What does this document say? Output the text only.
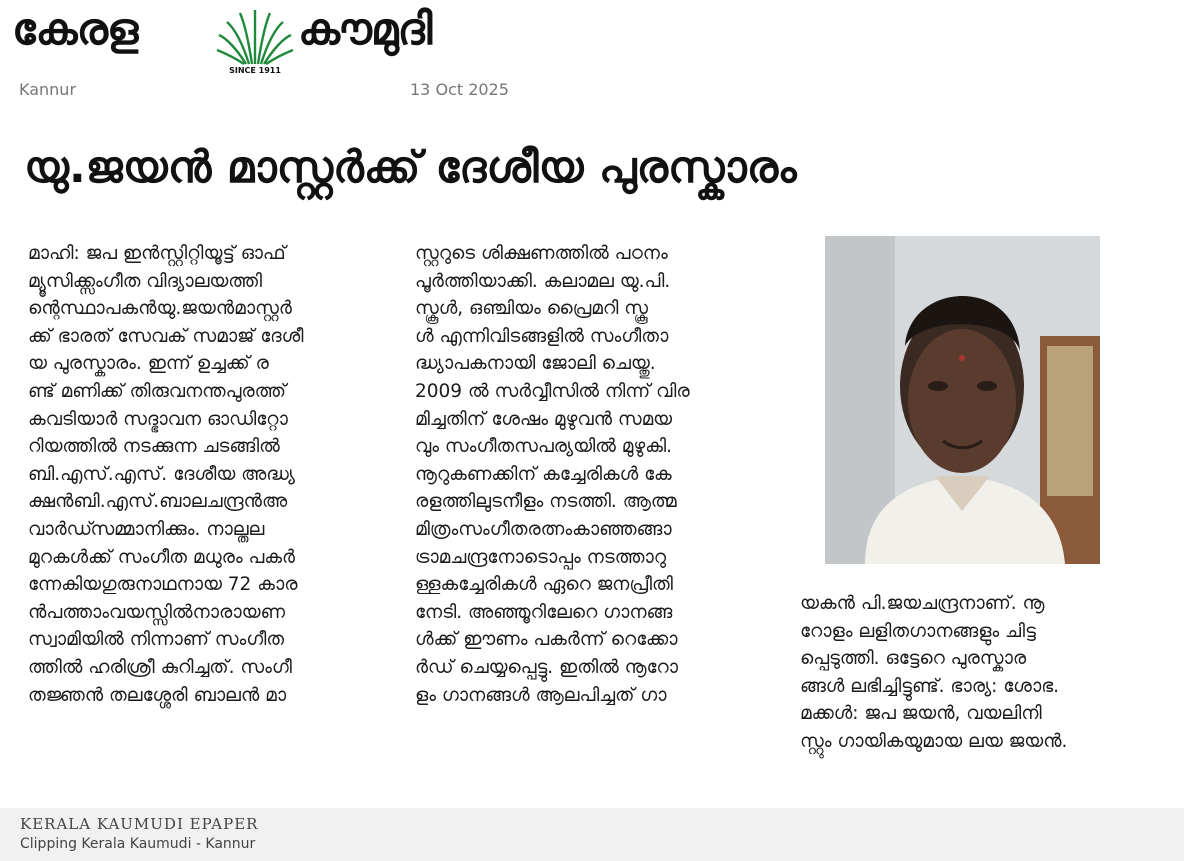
കേരള
SINCE 1911
കൗമുദി
Kannur	13 Oct 2025
യു.ജയൻ മാസ്റ്റർക്ക് ദേശീയ പുരസ്കാരം

മാഹി: ജപ ഇൻസ്റ്റിറ്റിയൂട്ട് ഓഫ്

മ്യൂസിക്ക്സംഗീത വിദ്യാലയത്തി

ന്റെസ്ഥാപകൻയു.ജയൻമാസ്റ്റർ

ക്ക് ഭാരത് സേവക് സമാജ് ദേശീ

യ പുരസ്കാരം. ഇന്ന് ഉച്ചക്ക് ര

ണ്ട് മണിക്ക് തിരുവനന്തപുരത്ത്

കവടിയാർ സദ്ഭാവന ഓഡിറ്റോ

റിയത്തിൽ നടക്കുന്ന ചടങ്ങിൽ

ബി.എസ്.എസ്. ദേശീയ അദ്ധ്യ

ക്ഷൻബി.എസ്.ബാലചന്ദ്രൻഅ

വാർഡ്സമ്മാനിക്കും. നാല്തല

മുറകൾക്ക് സംഗീത മധുരം പകർ

ന്നേകിയഗുരുനാഥനായ 72 കാര

ൻപത്താംവയസ്സിൽനാരായണ

സ്വാമിയിൽ നിന്നാണ് സംഗീത

ത്തിൽ ഹരിശ്രീ കുറിച്ചത്. സംഗീ

തജ്ഞൻ തലശ്ശേരി ബാലൻ മാ

സ്റ്ററുടെ ശിക്ഷണത്തിൽ പഠനം

പൂർത്തിയാക്കി. കലാമല യു.പി.

സ്കൂൾ, ഒഞ്ചിയം പ്രൈമറി സ്കൂ

ൾ എന്നിവിടങ്ങളിൽ സംഗീതാ

ദ്ധ്യാപകനായി ജോലി ചെയ്തു.

2009 ൽ സർവ്വീസിൽ നിന്ന് വിര

മിച്ചതിന് ശേഷം മുഴുവൻ സമയ

വും സംഗീതസപര്യയിൽ മുഴുകി.

നൂറുകണക്കിന് കച്ചേരികൾ കേ

രളത്തിലുടനീളം നടത്തി. ആത്മ

മിത്രംസംഗീതരത്നംകാഞ്ഞങ്ങാ

ട്രാമചന്ദ്രനോടൊപ്പം നടത്താറു

ള്ളകച്ചേരികൾ ഏറെ ജനപ്രീതി

നേടി. അഞ്ഞൂറിലേറെ ഗാനങ്ങ

ൾക്ക് ഈണം പകർന്ന് റെക്കോ

ർഡ് ചെയ്യപ്പെട്ടു. ഇതിൽ നൂറോ

ളം ഗാനങ്ങൾ ആലപിച്ചത് ഗാ

യകൻ പി.ജയചന്ദ്രനാണ്. നൂ

റോളം ലളിതഗാനങ്ങളും ചിട്ട

പ്പെടുത്തി. ഒട്ടേറെ പുരസ്കാര

ങ്ങൾ ലഭിച്ചിട്ടുണ്ട്. ഭാര്യ: ശോഭ.

മക്കൾ: ജപ ജയൻ, വയലിനി

സ്റ്റും ഗായികയുമായ ലയ ജയൻ.

KERALA KAUMUDI EPAPER
Clipping Kerala Kaumudi - Kannur
